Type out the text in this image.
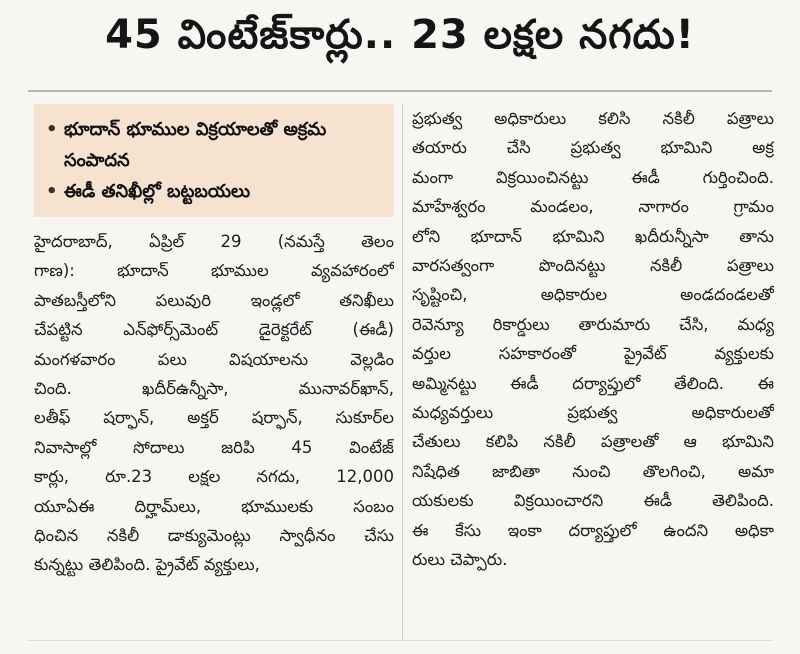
45 వింటేజ్‌కార్లు.. 23 లక్షల నగదు!
• భూదాన్ భూముల విక్రయాలతో అక్రమ సంపాదన
• ఈడీ తనిఖీల్లో బట్టబయలు
హైదరాబాద్, ఏప్రిల్ 29 (నమస్తే తెలం
గాణ): భూదాన్ భూముల వ్యవహారంలో
పాతబస్తీలోని పలువురి ఇండ్లలో తనిఖీలు
చేపట్టిన ఎన్‌ఫోర్స్‌మెంట్ డైరెక్టరేట్ (ఈడీ)
మంగళవారం పలు విషయాలను వెల్లడిం
చింది. ఖదీర్‌ఉన్నీసా, మునావర్‌ఖాన్,
లతీఫ్ షర్ఫాన్, అక్తర్ షర్ఫాన్, సుకూర్‌ల
నివాసాల్లో సోదాలు జరిపి 45 వింటేజ్
కార్లు, రూ.23 లక్షల నగదు, 12,000
యూఏఈ దిర్హామ్‌లు, భూములకు సంబం
ధించిన నకిలీ డాక్యుమెంట్లు స్వాధీనం చేసు
కున్నట్టు తెలిపింది. ప్రైవేట్ వ్యక్తులు,
ప్రభుత్వ అధికారులు కలిసి నకిలీ పత్రాలు
తయారు చేసి ప్రభుత్వ భూమిని అక్ర
మంగా విక్రయించినట్టు ఈడీ గుర్తించింది.
మాహేశ్వరం మండలం, నాగారం గ్రామం
లోని భూదాన్ భూమిని ఖదీరున్నీసా తాను
వారసత్వంగా పొందినట్టు నకిలీ పత్రాలు
సృష్టించి, అధికారుల అండదండలతో
రెవెన్యూ రికార్డులు తారుమారు చేసి, మధ్య
వర్తుల సహకారంతో ప్రైవేట్ వ్యక్తులకు
అమ్మినట్టు ఈడీ దర్యాప్తులో తేలింది. ఈ
మధ్యవర్తులు ప్రభుత్వ అధికారులతో
చేతులు కలిపి నకిలీ పత్రాలతో ఆ భూమిని
నిషేధిత జాబితా నుంచి తొలగించి, అమా
యకులకు విక్రయించారని ఈడీ తెలిపింది.
ఈ కేసు ఇంకా దర్యాప్తులో ఉందని అధికా
రులు చెప్పారు.
